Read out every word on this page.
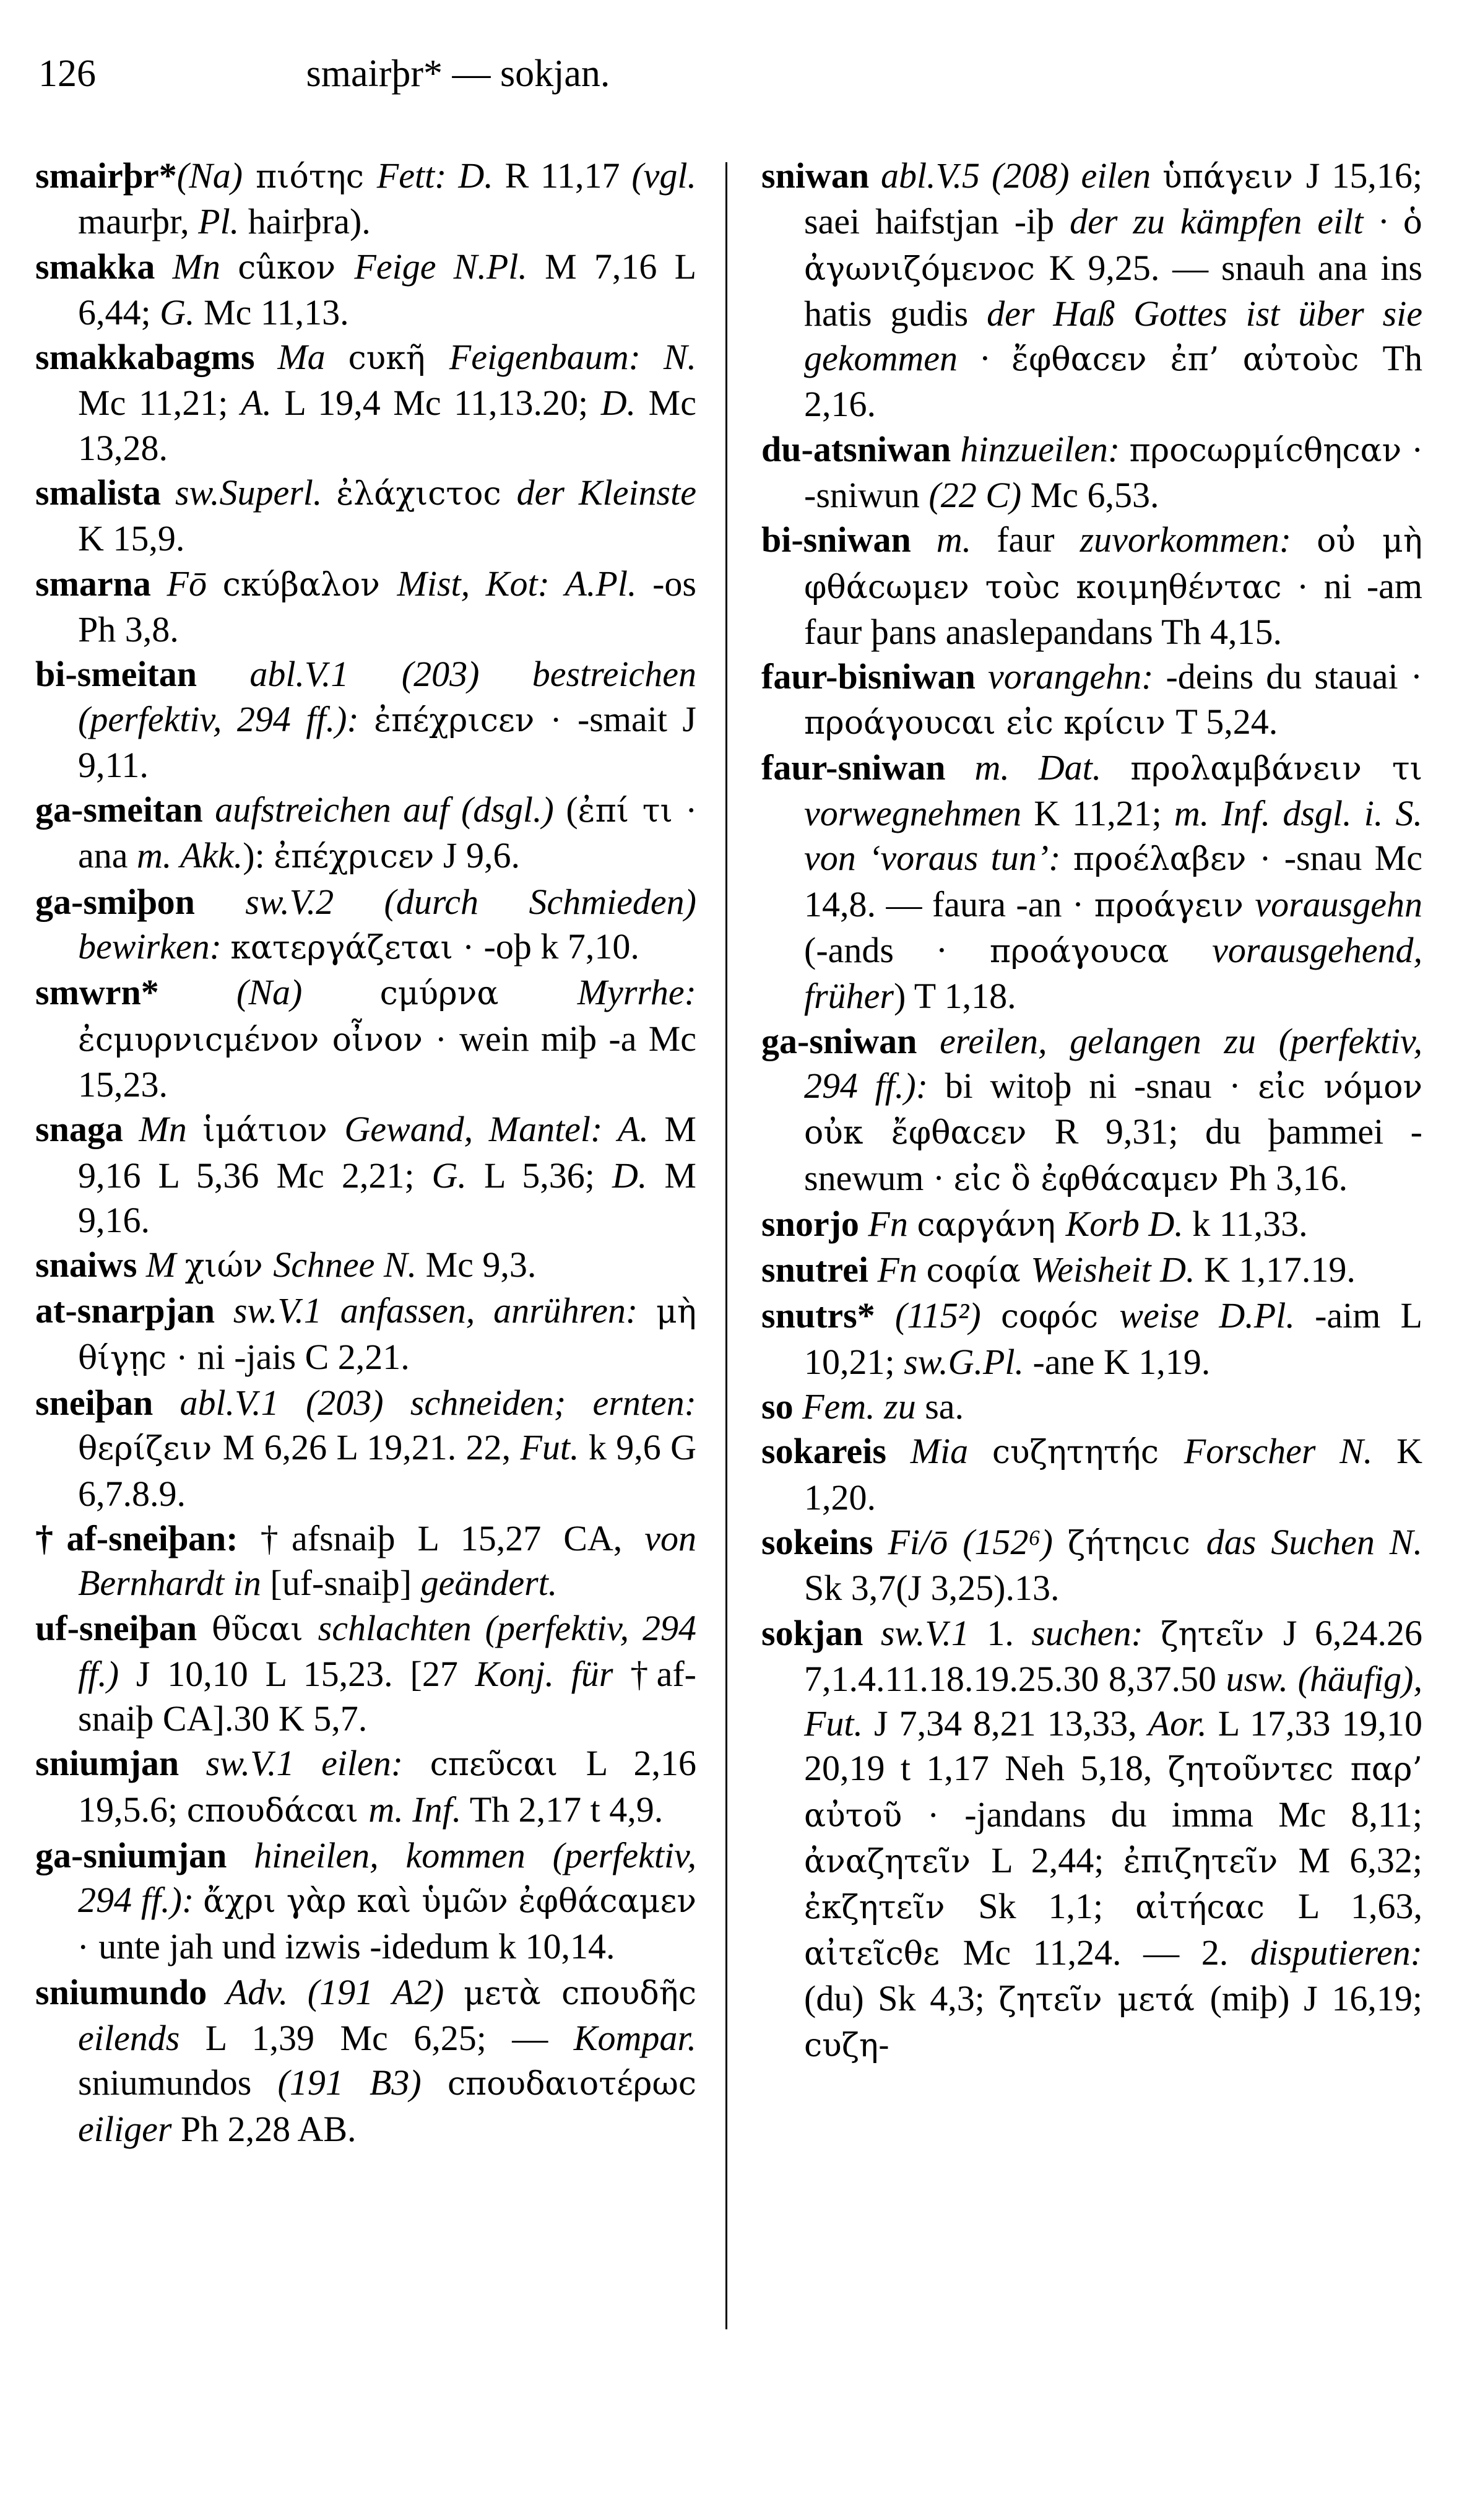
126	smairþr* — sokjan.

smairþr*(Na) πιότηc Fett: D. R 11,17 (vgl. maurþr, Pl. hairþra).

smakka Mn cûκον Feige N.Pl. M 7,16 L 6,44; G. Mc 11,13.

smakkabagms Ma cυκῆ Feigenbaum: N. Mc 11,21; A. L 19,4 Mc 11,13.20; D. Mc 13,28.

smalista sw.Superl. ἐλάχιcτοc der Kleinste K 15,9.

smarna Fō cκύβαλον Mist, Kot: A.Pl. -os Ph 3,8.

bi-smeitan abl.V.1 (203) bestreichen (perfektiv, 294 ff.): ἐπέχριcεν · -smait J 9,11.

ga-smeitan aufstreichen auf (dsgl.) (ἐπί τι · ana m. Akk.): ἐπέχριcεν J 9,6.

ga-smiþon sw.V.2 (durch Schmieden) bewirken: κατεργάζεται · -oþ k 7,10.

smwrn* (Na) cμύρνα Myrrhe: ἐcμυρνιcμένον οἶνον · wein miþ -a Mc 15,23.

snaga Mn ἱμάτιον Gewand, Mantel: A. M 9,16 L 5,36 Mc 2,21; G. L 5,36; D. M 9,16.

snaiws M χιών Schnee N. Mc 9,3.

at-snarpjan sw.V.1 anfassen, anrühren: μὴ θίγῃc · ni -jais C 2,21.

sneiþan abl.V.1 (203) schneiden; ernten: θερίζειν M 6,26 L 19,21. 22, Fut. k 9,6 G 6,7.8.9.

†af-sneiþan: †afsnaiþ L 15,27 CA, von Bernhardt in [uf-snaiþ] geändert.

uf-sneiþan θῦcαι schlachten (perfektiv, 294 ff.) J 10,10 L 15,23. [27 Konj. für †af-snaiþ CA].30 K 5,7.

sniumjan sw.V.1 eilen: cπεῦcαι L 2,16 19,5.6; cπουδάcαι m. Inf. Th 2,17 t 4,9.

ga-sniumjan hineilen, kommen (perfektiv, 294 ff.): ἄχρι γὰρ καὶ ὑμῶν ἐφθάcαμεν · unte jah und izwis -idedum k 10,14.

sniumundo Adv. (191 A2) μετὰ cπουδῆc eilends L 1,39 Mc 6,25; — Kompar. sniumundos (191 B3) cπουδαιοτέρωc eiliger Ph 2,28 AB.

sniwan abl.V.5 (208) eilen ὑπάγειν J 15,16; saei haifstjan -iþ der zu kämpfen eilt · ὁ ἀγωνιζόμενοc K 9,25. — snauh ana ins hatis gudis der Haß Gottes ist über sie gekommen · ἔφθαcεν ἐπ’ αὐτοὺc Th 2,16.

du-atsniwan hinzueilen: προcωρμίcθηcαν · -sniwun (22 C) Mc 6,53.

bi-sniwan m. faur zuvorkommen: οὐ μὴ φθάcωμεν τοὺc κοιμηθένταc · ni -am faur þans anaslepandans Th 4,15.

faur-bisniwan vorangehn: -deins du stauai · προάγουcαι εἰc κρίcιν T 5,24.

faur-sniwan m. Dat. προλαμβάνειν τι vorwegnehmen K 11,21; m. Inf. dsgl. i. S. von ‘voraus tun’: προέλαβεν · -snau Mc 14,8. — faura -an · προάγειν vorausgehn (-ands · προάγουcα vorausgehend, früher) T 1,18.

ga-sniwan ereilen, gelangen zu (perfektiv, 294 ff.): bi witoþ ni -snau · εἰc νόμον οὐκ ἔφθαcεν R 9,31; du þammei -snewum · εἰc ὃ ἐφθάcαμεν Ph 3,16.

snorjo Fn cαργάνη Korb D. k 11,33.

snutrei Fn cοφία Weisheit D. K 1,17.19.

snutrs* (115²) cοφόc weise D.Pl. -aim L 10,21; sw.G.Pl. -ane K 1,19.

so Fem. zu sa.

sokareis Mia cυζητητήc Forscher N. K 1,20.

sokeins Fi/ō (152⁶) ζήτηcιc das Suchen N. Sk 3,7(J 3,25).13.

sokjan sw.V.1 1. suchen: ζητεῖν J 6,24.26 7,1.4.11.18.19.25.30 8,37.50 usw. (häufig), Fut. J 7,34 8,21 13,33, Aor. L 17,33 19,10 20,19 t 1,17 Neh 5,18, ζητοῦντεc παρ’ αὐτοῦ · -jandans du imma Mc 8,11; ἀναζητεῖν L 2,44; ἐπιζητεῖν M 6,32; ἐκζητεῖν Sk 1,1; αἰτήcαc L 1,63, αἰτεῖcθε Mc 11,24. — 2. disputieren: (du) Sk 4,3; ζητεῖν μετά (miþ) J 16,19; cυζη-
